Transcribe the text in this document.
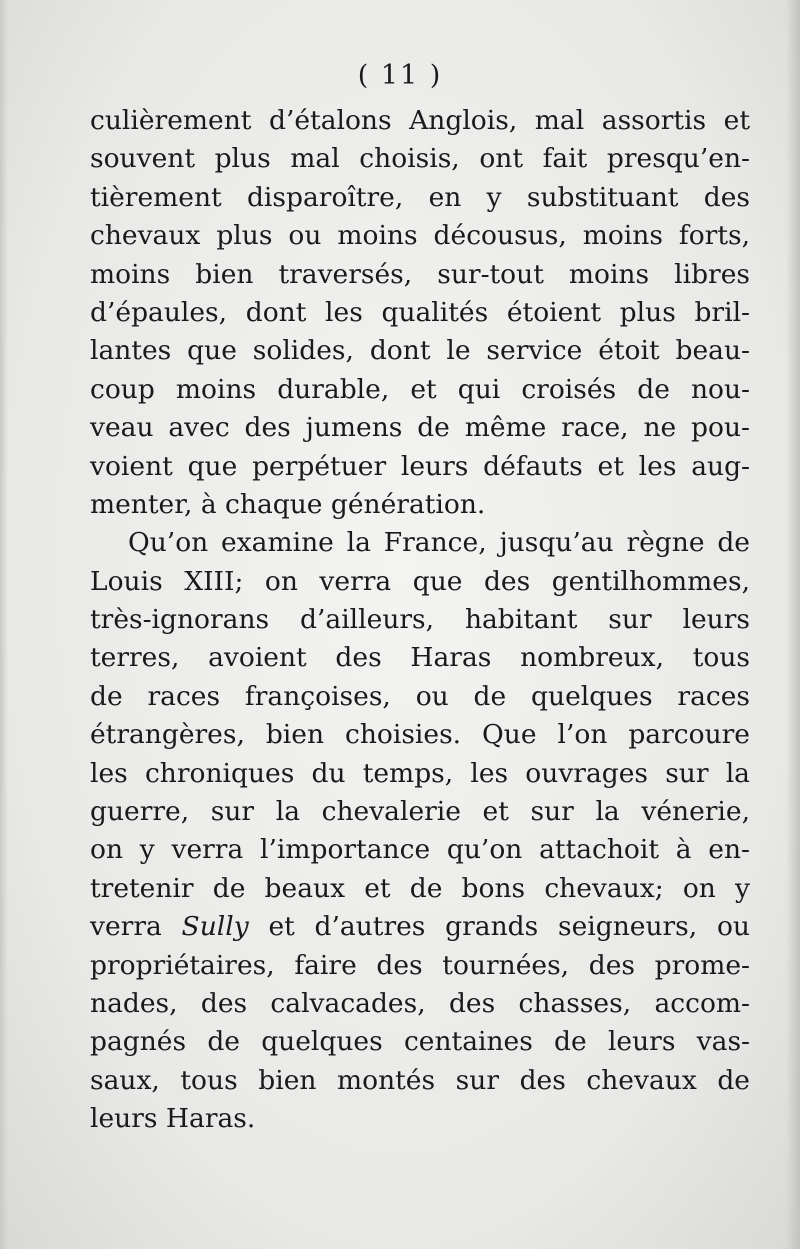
( 11 )
culièrement d’étalons Anglois, mal assortis et
souvent plus mal choisis, ont fait presqu’en-
tièrement disparoître, en y substituant des
chevaux plus ou moins décousus, moins forts,
moins bien traversés, sur-tout moins libres
d’épaules, dont les qualités étoient plus bril-
lantes que solides, dont le service étoit beau-
coup moins durable, et qui croisés de nou-
veau avec des jumens de même race, ne pou-
voient que perpétuer leurs défauts et les aug-
menter, à chaque génération.
Qu’on examine la France, jusqu’au règne de
Louis XIII; on verra que des gentilhommes,
très-ignorans d’ailleurs, habitant sur leurs
terres, avoient des Haras nombreux, tous
de races françoises, ou de quelques races
étrangères, bien choisies. Que l’on parcoure
les chroniques du temps, les ouvrages sur la
guerre, sur la chevalerie et sur la vénerie,
on y verra l’importance qu’on attachoit à en-
tretenir de beaux et de bons chevaux; on y
verra Sully et d’autres grands seigneurs, ou
propriétaires, faire des tournées, des prome-
nades, des calvacades, des chasses, accom-
pagnés de quelques centaines de leurs vas-
saux, tous bien montés sur des chevaux de
leurs Haras.
